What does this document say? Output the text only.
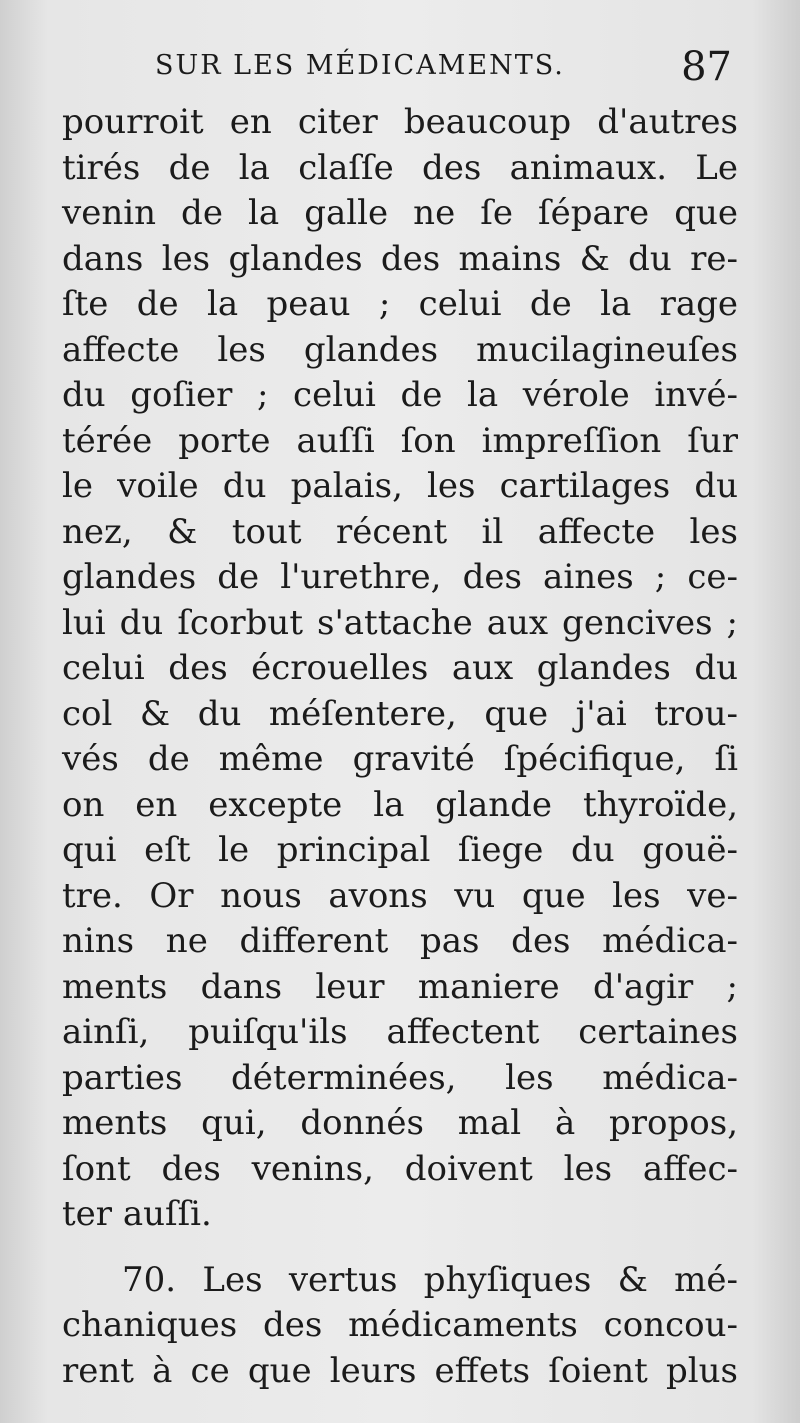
SUR LES MÉDICAMENTS.	87
pourroit en citer beaucoup d'autres
tirés de la claſſe des animaux. Le
venin de la galle ne ſe ſépare que
dans les glandes des mains & du re-
ſte de la peau ; celui de la rage
affecte les glandes mucilagineuſes
du goſier ; celui de la vérole invé-
térée porte auſſi ſon impreſſion ſur
le voile du palais, les cartilages du
nez, & tout récent il affecte les
glandes de l'urethre, des aines ; ce-
lui du ſcorbut s'attache aux gencives ;
celui des écrouelles aux glandes du
col & du méſentere, que j'ai trou-
vés de même gravité ſpécifique, ſi
on en excepte la glande thyroïde,
qui eſt le principal ſiege du gouë-
tre. Or nous avons vu que les ve-
nins ne different pas des médica-
ments dans leur maniere d'agir ;
ainſi, puiſqu'ils affectent certaines
parties déterminées, les médica-
ments qui, donnés mal à propos,
ſont des venins, doivent les affec-
ter auſſi.
70. Les vertus phyſiques & mé-
chaniques des médicaments concou-
rent à ce que leurs effets ſoient plus
